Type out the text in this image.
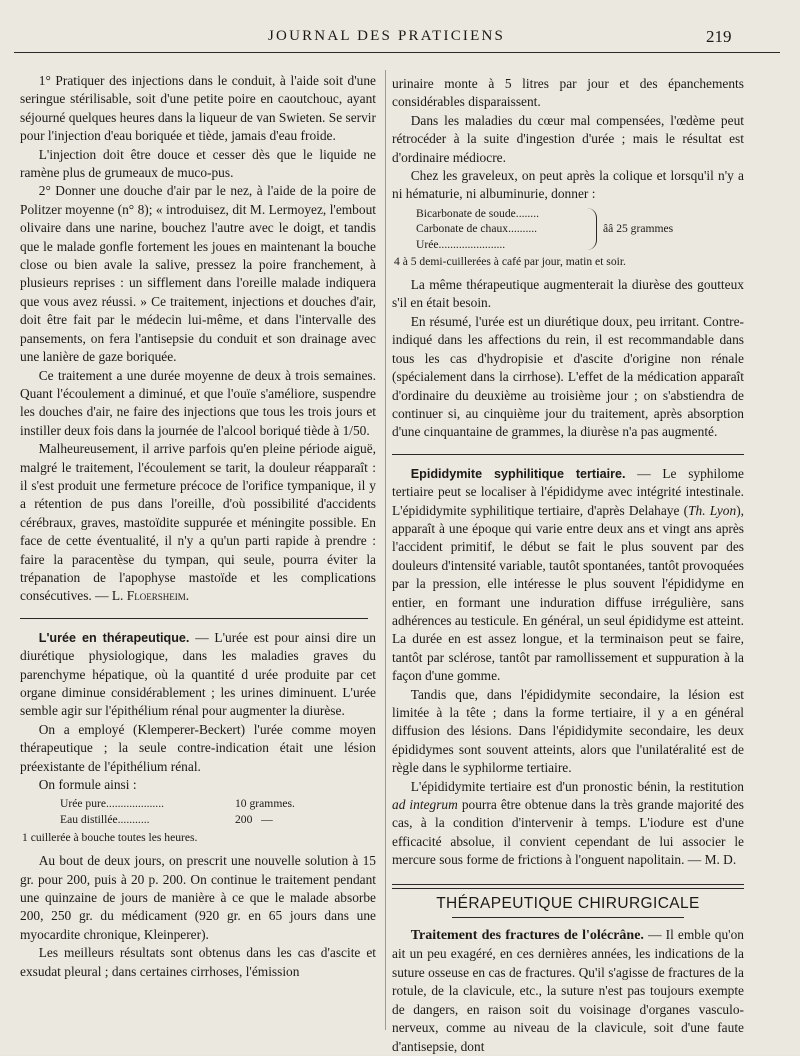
JOURNAL DES PRATICIENS	219

1° Pratiquer des injections dans le conduit, à l'aide soit d'une seringue stérilisable, soit d'une petite poire en caoutchouc, ayant séjourné quelques heures dans la liqueur de van Swieten. Se servir pour l'injection d'eau boriquée et tiède, jamais d'eau froide.

L'injection doit être douce et cesser dès que le liquide ne ramène plus de grumeaux de muco-pus.

2° Donner une douche d'air par le nez, à l'aide de la poire de Politzer moyenne (n° 8); « introduisez, dit M. Lermoyez, l'embout olivaire dans une narine, bouchez l'autre avec le doigt, et tandis que le malade gonfle fortement les joues en maintenant la bouche close ou bien avale la salive, pressez la poire franchement, à plusieurs reprises : un sifflement dans l'oreille malade indiquera que vous avez réussi. » Ce traitement, injections et douches d'air, doit être fait par le médecin lui-même, et dans l'intervalle des pansements, on fera l'antisepsie du conduit et son drainage avec une lanière de gaze boriquée.

Ce traitement a une durée moyenne de deux à trois semaines. Quant l'écoulement a diminué, et que l'ouïe s'améliore, suspendre les douches d'air, ne faire des injections que tous les trois jours et instiller deux fois dans la journée de l'alcool boriqué tiède à 1/50.

Malheureusement, il arrive parfois qu'en pleine période aiguë, malgré le traitement, l'écoulement se tarit, la douleur réapparaît : il s'est produit une fermeture précoce de l'orifice tympanique, il y a rétention de pus dans l'oreille, d'où possibilité d'accidents cérébraux, graves, mastoïdite suppurée et méningite possible. En face de cette éventualité, il n'y a qu'un parti rapide à prendre : faire la paracentèse du tympan, qui seule, pourra éviter la trépanation de l'apophyse mastoïde et les complications consécutives. — L. Floersheim.

L'urée en thérapeutique. — L'urée est pour ainsi dire un diurétique physiologique, dans les maladies graves du parenchyme hépatique, où la quantité d urée produite par cet organe diminue considérablement ; les urines diminuent. L'urée semble agir sur l'épithélium rénal pour augmenter la diurèse.

On a employé (Klemperer-Beckert) l'urée comme moyen thérapeutique ; la seule contre-indication était une lésion préexistante de l'épithélium rénal.

On formule ainsi :

Urée pure....................	10 grammes.
Eau distillée...........	200   —
1 cuillerée à bouche toutes les heures.

Au bout de deux jours, on prescrit une nouvelle solution à 15 gr. pour 200, puis à 20 p. 200. On continue le traitement pendant une quinzaine de jours de manière à ce que le malade absorbe 200, 250 gr. du médicament (920 gr. en 65 jours dans une myocardite chronique, Kleinperer).

Les meilleurs résultats sont obtenus dans les cas d'ascite et exsudat pleural ; dans certaines cirrhoses, l'émission

urinaire monte à 5 litres par jour et des épanchements considérables disparaissent.

Dans les maladies du cœur mal compensées, l'œdème peut rétrocéder à la suite d'ingestion d'urée ; mais le résultat est d'ordinaire médiocre.

Chez les graveleux, on peut après la colique et lorsqu'il n'y a ni hématurie, ni albuminurie, donner :

Bicarbonate de soude........
Carbonate de chaux..........
Urée.......................
ââ 25 grammes
4 à 5 demi-cuillerées à café par jour, matin et soir.

La même thérapeutique augmenterait la diurèse des goutteux s'il en était besoin.

En résumé, l'urée est un diurétique doux, peu irritant. Contre-indiqué dans les affections du rein, il est recommandable dans tous les cas d'hydropisie et d'ascite d'origine non rénale (spécialement dans la cirrhose). L'effet de la médication apparaît d'ordinaire du deuxième au troisième jour ; on s'abstiendra de continuer si, au cinquième jour du traitement, après absorption d'une cinquantaine de grammes, la diurèse n'a pas augmenté.

Epididymite syphilitique tertiaire. — Le syphilome tertiaire peut se localiser à l'épididyme avec intégrité intestinale. L'épididymite syphilitique tertiaire, d'après Delahaye (Th. Lyon), apparaît à une époque qui varie entre deux ans et vingt ans après l'accident primitif, le début se fait le plus souvent par des douleurs d'intensité variable, tautôt spontanées, tantôt provoquées par la pression, elle intéresse le plus souvent l'épididyme en entier, en formant une induration diffuse irrégulière, sans adhérences au testicule. En général, un seul épididyme est atteint. La durée en est assez longue, et la terminaison peut se faire, tantôt par sclérose, tantôt par ramollissement et suppuration à la façon d'une gomme.

Tandis que, dans l'épididymite secondaire, la lésion est limitée à la tête ; dans la forme tertiaire, il y a en général diffusion des lésions. Dans l'épididymite secondaire, les deux épididymes sont souvent atteints, alors que l'unilatéralité est de règle dans le syphilorme tertiaire.

L'épididymite tertiaire est d'un pronostic bénin, la restitution ad integrum pourra être obtenue dans la très grande majorité des cas, à la condition d'intervenir à temps. L'iodure est d'une efficacité absolue, il convient cependant de lui associer le mercure sous forme de frictions à l'onguent napolitain. — M. D.

THÉRAPEUTIQUE CHIRURGICALE

Traitement des fractures de l'olécrâne. — Il emble qu'on ait un peu exagéré, en ces dernières années, les indications de la suture osseuse en cas de fractures. Qu'il s'agisse de fractures de la rotule, de la clavicule, etc., la suture n'est pas toujours exempte de dangers, en raison soit du voisinage d'organes vasculo-nerveux, comme au niveau de la clavicule, soit d'une faute d'antisepsie, dont
